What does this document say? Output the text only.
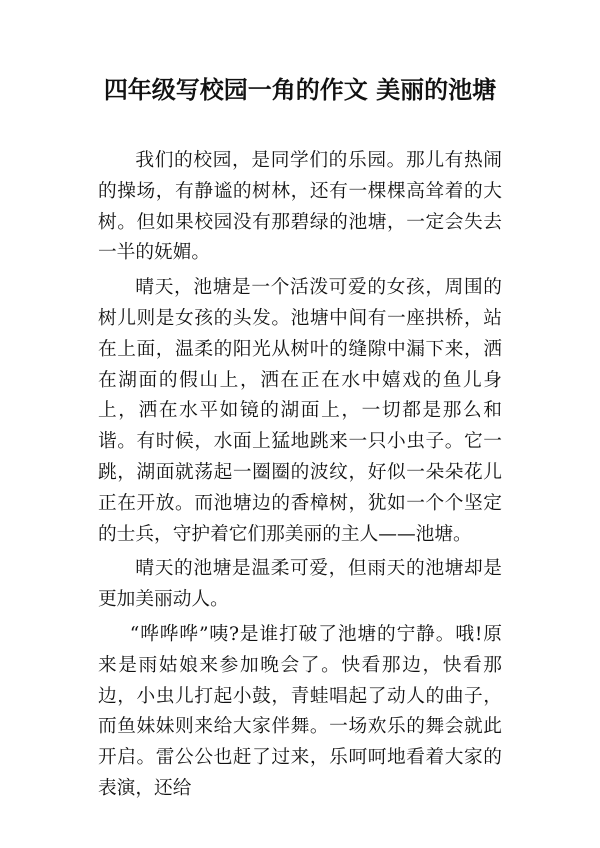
四年级写校园一角的作文 美丽的池塘

我们的校园，是同学们的乐园。那儿有热闹的操场，有静谧的树林，还有一棵棵高耸着的大树。但如果校园没有那碧绿的池塘，一定会失去一半的妩媚。

晴天，池塘是一个活泼可爱的女孩，周围的树儿则是女孩的头发。池塘中间有一座拱桥，站在上面，温柔的阳光从树叶的缝隙中漏下来，洒在湖面的假山上，洒在正在水中嬉戏的鱼儿身上，洒在水平如镜的湖面上，一切都是那么和谐。有时候，水面上猛地跳来一只小虫子。它一跳，湖面就荡起一圈圈的波纹，好似一朵朵花儿正在开放。而池塘边的香樟树，犹如一个个坚定的士兵，守护着它们那美丽的主人——池塘。

晴天的池塘是温柔可爱，但雨天的池塘却是更加美丽动人。

“哗哗哗”咦?是谁打破了池塘的宁静。哦!原来是雨姑娘来参加晚会了。快看那边，快看那边，小虫儿打起小鼓，青蛙唱起了动人的曲子，而鱼妹妹则来给大家伴舞。一场欢乐的舞会就此开启。雷公公也赶了过来，乐呵呵地看着大家的表演，还给
